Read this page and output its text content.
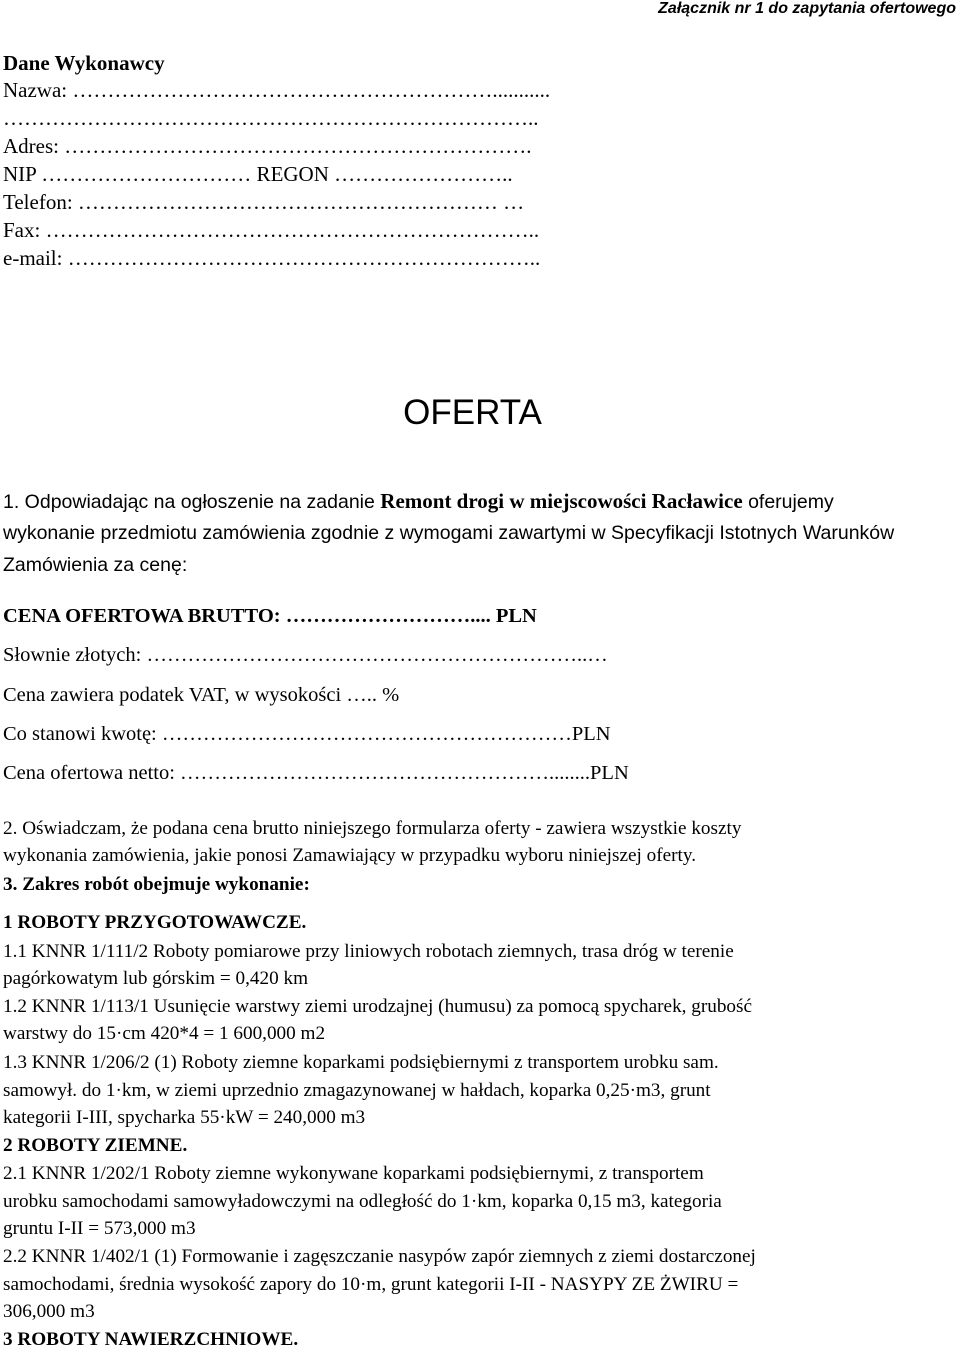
Załącznik nr 1 do zapytania ofertowego
Dane Wykonawcy
Nazwa: ……………………………………………………...........
…………………………………………………………………..
Adres: ………………………………………………………….
NIP ………………………… REGON ……………………..
Telefon: …………………………………………………… …
Fax: ……………………………………………………………..
e-mail: …………………………………………………………..
OFERTA
1. Odpowiadając na ogłoszenie na zadanie Remont drogi w miejscowości Racławice oferujemy
wykonanie przedmiotu zamówienia zgodnie z wymogami zawartymi w Specyfikacji Istotnych Warunków
Zamówienia za cenę:
CENA OFERTOWA BRUTTO: ……………………….... PLN
Słownie złotych: ………………………………………………………..…
Cena zawiera podatek VAT, w wysokości ….. %
Co stanowi kwotę: ……………………………………………………PLN
Cena ofertowa netto: ………………………………………………........PLN
2. Oświadczam, że podana cena brutto niniejszego formularza oferty - zawiera wszystkie koszty
wykonania zamówienia, jakie ponosi Zamawiający w przypadku wyboru niniejszej oferty.
3. Zakres robót obejmuje wykonanie:
1 ROBOTY PRZYGOTOWAWCZE.
1.1 KNNR 1/111/2 Roboty pomiarowe przy liniowych robotach ziemnych, trasa dróg w terenie
pagórkowatym lub górskim = 0,420 km
1.2 KNNR 1/113/1 Usunięcie warstwy ziemi urodzajnej (humusu) za pomocą spycharek, grubość
warstwy do 15·cm 420*4 = 1 600,000 m2
1.3 KNNR 1/206/2 (1) Roboty ziemne koparkami podsiębiernymi z transportem urobku sam.
samowył. do 1·km, w ziemi uprzednio zmagazynowanej w hałdach, koparka 0,25·m3, grunt
kategorii I-III, spycharka 55·kW = 240,000 m3
2 ROBOTY ZIEMNE.
2.1 KNNR 1/202/1 Roboty ziemne wykonywane koparkami podsiębiernymi, z transportem
urobku samochodami samowyładowczymi na odległość do 1·km, koparka 0,15 m3, kategoria
gruntu I-II = 573,000 m3
2.2 KNNR 1/402/1 (1) Formowanie i zagęszczanie nasypów zapór ziemnych z ziemi dostarczonej
samochodami, średnia wysokość zapory do 10·m, grunt kategorii I-II - NASYPY ZE ŻWIRU =
306,000 m3
3 ROBOTY NAWIERZCHNIOWE.
